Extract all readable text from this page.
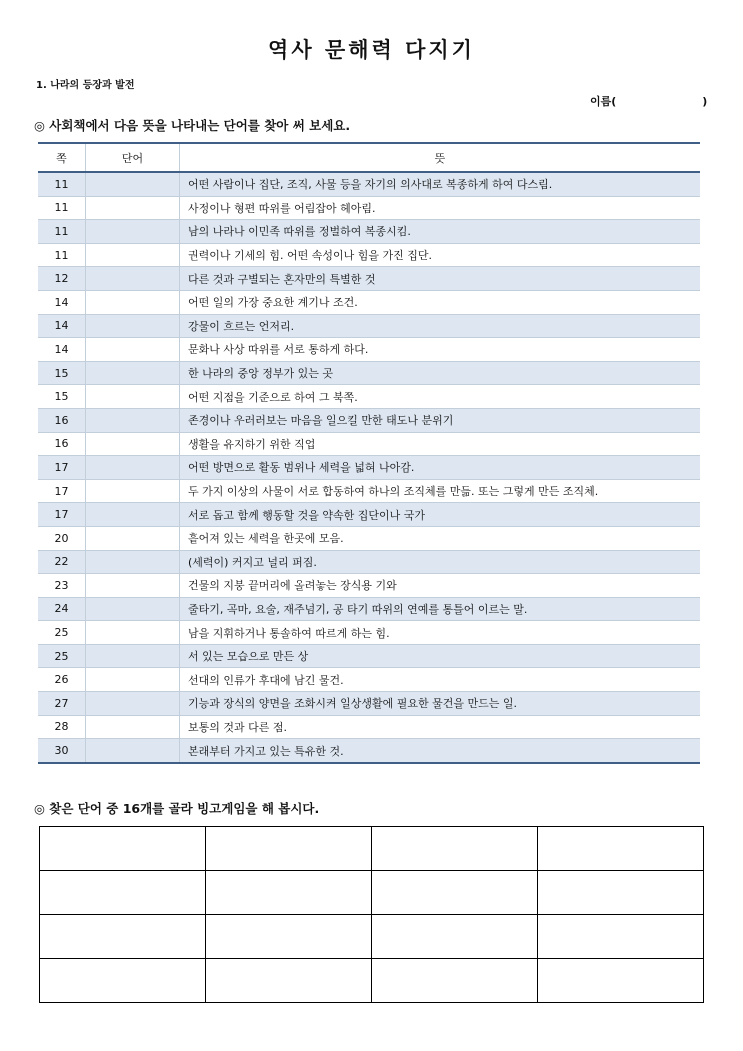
역사 문해력 다지기
1. 나라의 등장과 발전
이름(	)
◎ 사회책에서 다음 뜻을 나타내는 단어를 찾아 써 보세요.
쪽	단어	뜻
11		어떤 사람이나 집단, 조직, 사물 등을 자기의 의사대로 복종하게 하여 다스림.
11		사정이나 형편 따위를 어림잡아 헤아림.
11		남의 나라나 이민족 따위를 정벌하여 복종시킴.
11		권력이나 기세의 힘. 어떤 속성이나 힘을 가진 집단.
12		다른 것과 구별되는 혼자만의 특별한 것
14		어떤 일의 가장 중요한 계기나 조건.
14		강물이 흐르는 언저리.
14		문화나 사상 따위를 서로 통하게 하다.
15		한 나라의 중앙 정부가 있는 곳
15		어떤 지점을 기준으로 하여 그 북쪽.
16		존경이나 우러러보는 마음을 일으킬 만한 태도나 분위기
16		생활을 유지하기 위한 직업
17		어떤 방면으로 활동 범위나 세력을 넓혀 나아감.
17		두 가지 이상의 사물이 서로 합동하여 하나의 조직체를 만듦. 또는 그렇게 만든 조직체.
17		서로 돕고 함께 행동할 것을 약속한 집단이나 국가
20		흩어져 있는 세력을 한곳에 모음.
22		(세력이) 커지고 널리 퍼짐.
23		건물의 지붕 끝머리에 올려놓는 장식용 기와
24		줄타기, 곡마, 요술, 재주넘기, 공 타기 따위의 연예를 통틀어 이르는 말.
25		남을 지휘하거나 통솔하여 따르게 하는 힘.
25		서 있는 모습으로 만든 상
26		선대의 인류가 후대에 남긴 물건.
27		기능과 장식의 양면을 조화시켜 일상생활에 필요한 물건을 만드는 일.
28		보통의 것과 다른 점.
30		본래부터 가지고 있는 특유한 것.
◎ 찾은 단어 중 16개를 골라 빙고게임을 해 봅시다.
